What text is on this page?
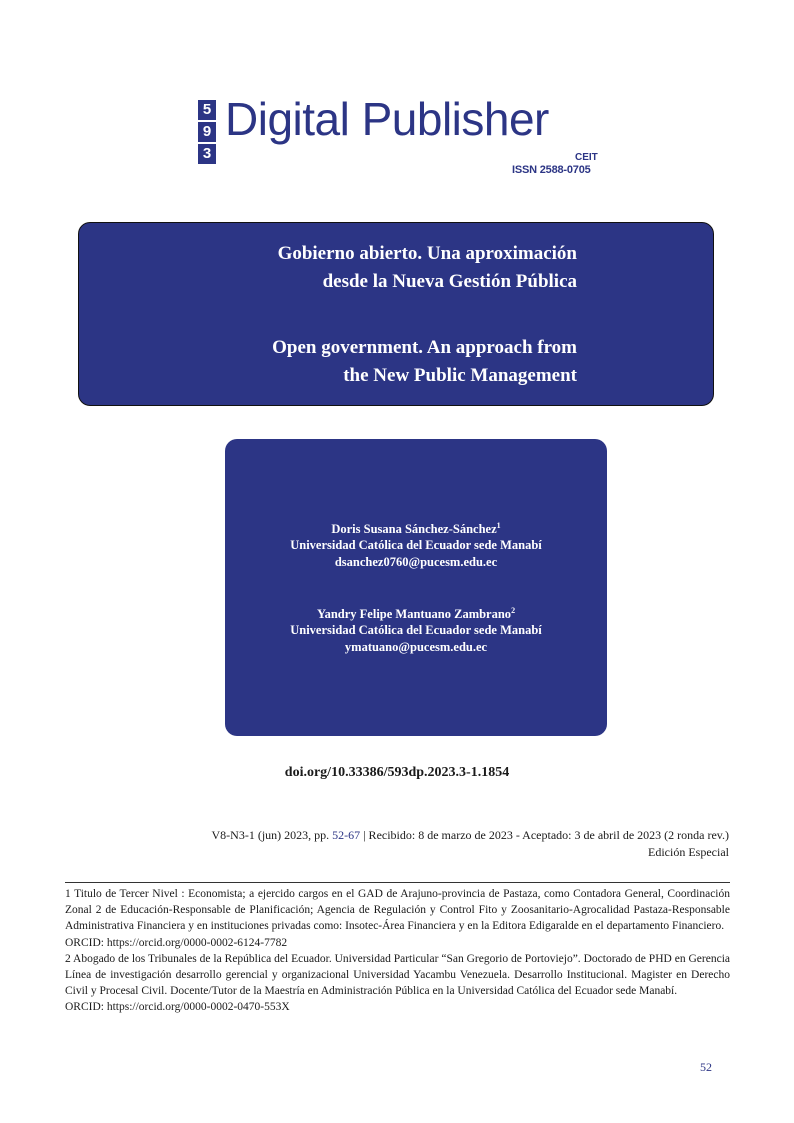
5
9
3
Digital Publisher
CEIT
ISSN 2588-0705
Gobierno abierto. Una aproximación
desde la Nueva Gestión Pública
Open government. An approach from
the New Public Management
Doris Susana Sánchez-Sánchez$^1$
Universidad Católica del Ecuador sede Manabí
dsanchez0760@pucesm.edu.ec
Yandry Felipe Mantuano Zambrano$^2$
Universidad Católica del Ecuador sede Manabí
ymatuano@pucesm.edu.ec
doi.org/10.33386/593dp.2023.3-1.1854
V8-N3-1 (jun) 2023, pp. 52-67 | Recibido: 8 de marzo de 2023 - Aceptado: 3 de abril de 2023 (2 ronda rev.)
Edición Especial

1 Titulo de Tercer Nivel : Economista; a ejercido cargos en el GAD de Arajuno-provincia de Pastaza, como Contadora General, Coordinación Zonal 2 de Educación-Responsable de Planificación; Agencia de Regulación y Control Fito y Zoosanitario-Agrocalidad Pastaza-Responsable Administrativa Financiera y en instituciones privadas como: Insotec-Área Financiera y en la Editora Edigaralde en el departamento Financiero.

ORCID: https://orcid.org/0000-0002-6124-7782

2 Abogado de los Tribunales de la República del Ecuador. Universidad Particular “San Gregorio de Portoviejo”. Doctorado de PHD en Gerencia Línea de investigación desarrollo gerencial y organizacional Universidad Yacambu Venezuela. Desarrollo Institucional. Magister en Derecho Civil y Procesal Civil. Docente/Tutor de la Maestría en Administración Pública en la Universidad Católica del Ecuador sede Manabí.

ORCID: https://orcid.org/0000-0002-0470-553X

52
